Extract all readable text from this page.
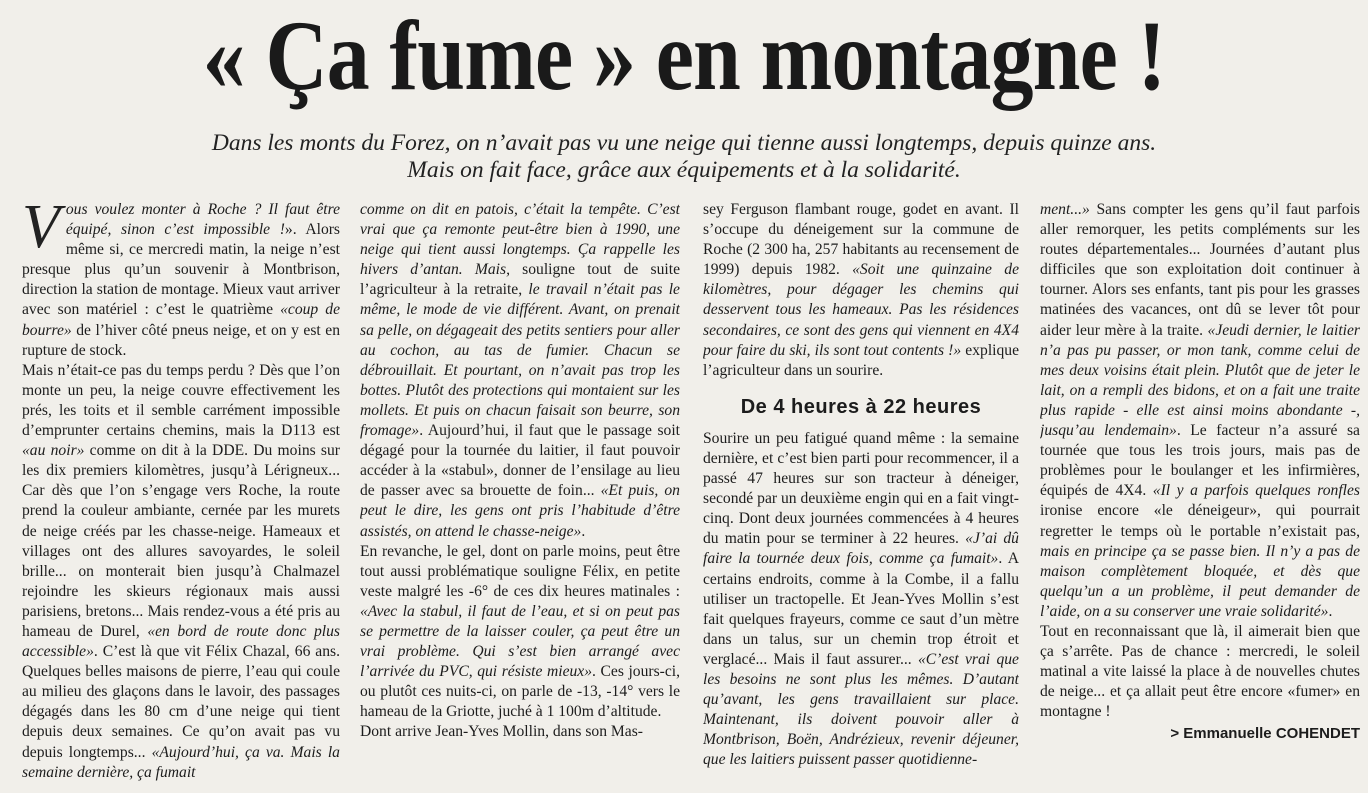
« Ça fume » en montagne !
Dans les monts du Forez, on n’avait pas vu une neige qui tienne aussi longtemps, depuis quinze ans.
Mais on fait face, grâce aux équipements et à la solidarité.

Vous voulez monter à Roche ? Il faut être équipé, sinon c’est impossible !». Alors même si, ce mercredi matin, la neige n’est presque plus qu’un souvenir à Montbrison, direction la station de montage. Mieux vaut arriver avec son matériel : c’est le quatrième «coup de bourre» de l’hiver côté pneus neige, et on y est en rupture de stock.

Mais n’était-ce pas du temps perdu ? Dès que l’on monte un peu, la neige couvre effectivement les prés, les toits et il semble carrément impossible d’emprunter certains chemins, mais la D113 est «au noir» comme on dit à la DDE. Du moins sur les dix premiers kilomètres, jusqu’à Lérigneux... Car dès que l’on s’engage vers Roche, la route prend la couleur ambiante, cernée par les murets de neige créés par les chasse-neige. Hameaux et villages ont des allures savoyardes, le soleil brille... on monterait bien jusqu’à Chalmazel rejoindre les skieurs régionaux mais aussi parisiens, bretons... Mais rendez-vous a été pris au hameau de Durel, «en bord de route donc plus accessible». C’est là que vit Félix Chazal, 66 ans. Quelques belles maisons de pierre, l’eau qui coule au milieu des glaçons dans le lavoir, des passages dégagés dans les 80 cm d’une neige qui tient depuis deux semaines. Ce qu’on avait pas vu depuis longtemps... «Aujourd’hui, ça va. Mais la semaine dernière, ça fumait

comme on dit en patois, c’était la tempête. C’est vrai que ça remonte peut-être bien à 1990, une neige qui tient aussi longtemps. Ça rappelle les hivers d’antan. Mais, souligne tout de suite l’agriculteur à la retraite, le travail n’était pas le même, le mode de vie différent. Avant, on prenait sa pelle, on dégageait des petits sentiers pour aller au cochon, au tas de fumier. Chacun se débrouillait. Et pourtant, on n’avait pas trop les bottes. Plutôt des protections qui montaient sur les mollets. Et puis on chacun faisait son beurre, son fromage». Aujourd’hui, il faut que le passage soit dégagé pour la tournée du laitier, il faut pouvoir accéder à la «stabul», donner de l’ensilage au lieu de passer avec sa brouette de foin... «Et puis, on peut le dire, les gens ont pris l’habitude d’être assistés, on attend le chasse-neige».

En revanche, le gel, dont on parle moins, peut être tout aussi problématique souligne Félix, en petite veste malgré les -6° de ces dix heures matinales : «Avec la stabul, il faut de l’eau, et si on peut pas se permettre de la laisser couler, ça peut être un vrai problème. Qui s’est bien arrangé avec l’arrivée du PVC, qui résiste mieux». Ces jours-ci, ou plutôt ces nuits-ci, on parle de -13, -14° vers le hameau de la Griotte, juché à 1 100m d’altitude.

Dont arrive Jean-Yves Mollin, dans son Mas-

sey Ferguson flambant rouge, godet en avant. Il s’occupe du déneigement sur la commune de Roche (2 300 ha, 257 habitants au recensement de 1999) depuis 1982. «Soit une quinzaine de kilomètres, pour dégager les chemins qui desservent tous les hameaux. Pas les résidences secondaires, ce sont des gens qui viennent en 4X4 pour faire du ski, ils sont tout contents !» explique l’agriculteur dans un sourire.

De 4 heures à 22 heures

Sourire un peu fatigué quand même : la semaine dernière, et c’est bien parti pour recommencer, il a passé 47 heures sur son tracteur à déneiger, secondé par un deuxième engin qui en a fait vingt-cinq. Dont deux journées commencées à 4 heures du matin pour se terminer à 22 heures. «J’ai dû faire la tournée deux fois, comme ça fumait». A certains endroits, comme à la Combe, il a fallu utiliser un tractopelle. Et Jean-Yves Mollin s’est fait quelques frayeurs, comme ce saut d’un mètre dans un talus, sur un chemin trop étroit et verglacé... Mais il faut assurer... «C’est vrai que les besoins ne sont plus les mêmes. D’autant qu’avant, les gens travaillaient sur place. Maintenant, ils doivent pouvoir aller à Montbrison, Boën, Andrézieux, revenir déjeuner, que les laitiers puissent passer quotidienne-

ment...» Sans compter les gens qu’il faut parfois aller remorquer, les petits compléments sur les routes départementales... Journées d’autant plus difficiles que son exploitation doit continuer à tourner. Alors ses enfants, tant pis pour les grasses matinées des vacances, ont dû se lever tôt pour aider leur mère à la traite. «Jeudi dernier, le laitier n’a pas pu passer, or mon tank, comme celui de mes deux voisins était plein. Plutôt que de jeter le lait, on a rempli des bidons, et on a fait une traite plus rapide - elle est ainsi moins abondante -, jusqu’au lendemain». Le facteur n’a assuré sa tournée que tous les trois jours, mais pas de problèmes pour le boulanger et les infirmières, équipés de 4X4. «Il y a parfois quelques ronfles ironise encore «le déneigeur», qui pourrait regretter le temps où le portable n’existait pas, mais en principe ça se passe bien. Il n’y a pas de maison complètement bloquée, et dès que quelqu’un a un problème, il peut demander de l’aide, on a su conserver une vraie solidarité».

Tout en reconnaissant que là, il aimerait bien que ça s’arrête. Pas de chance : mercredi, le soleil matinal a vite laissé la place à de nouvelles chutes de neige... et ça allait peut être encore «fumer» en montagne !

> Emmanuelle COHENDET
